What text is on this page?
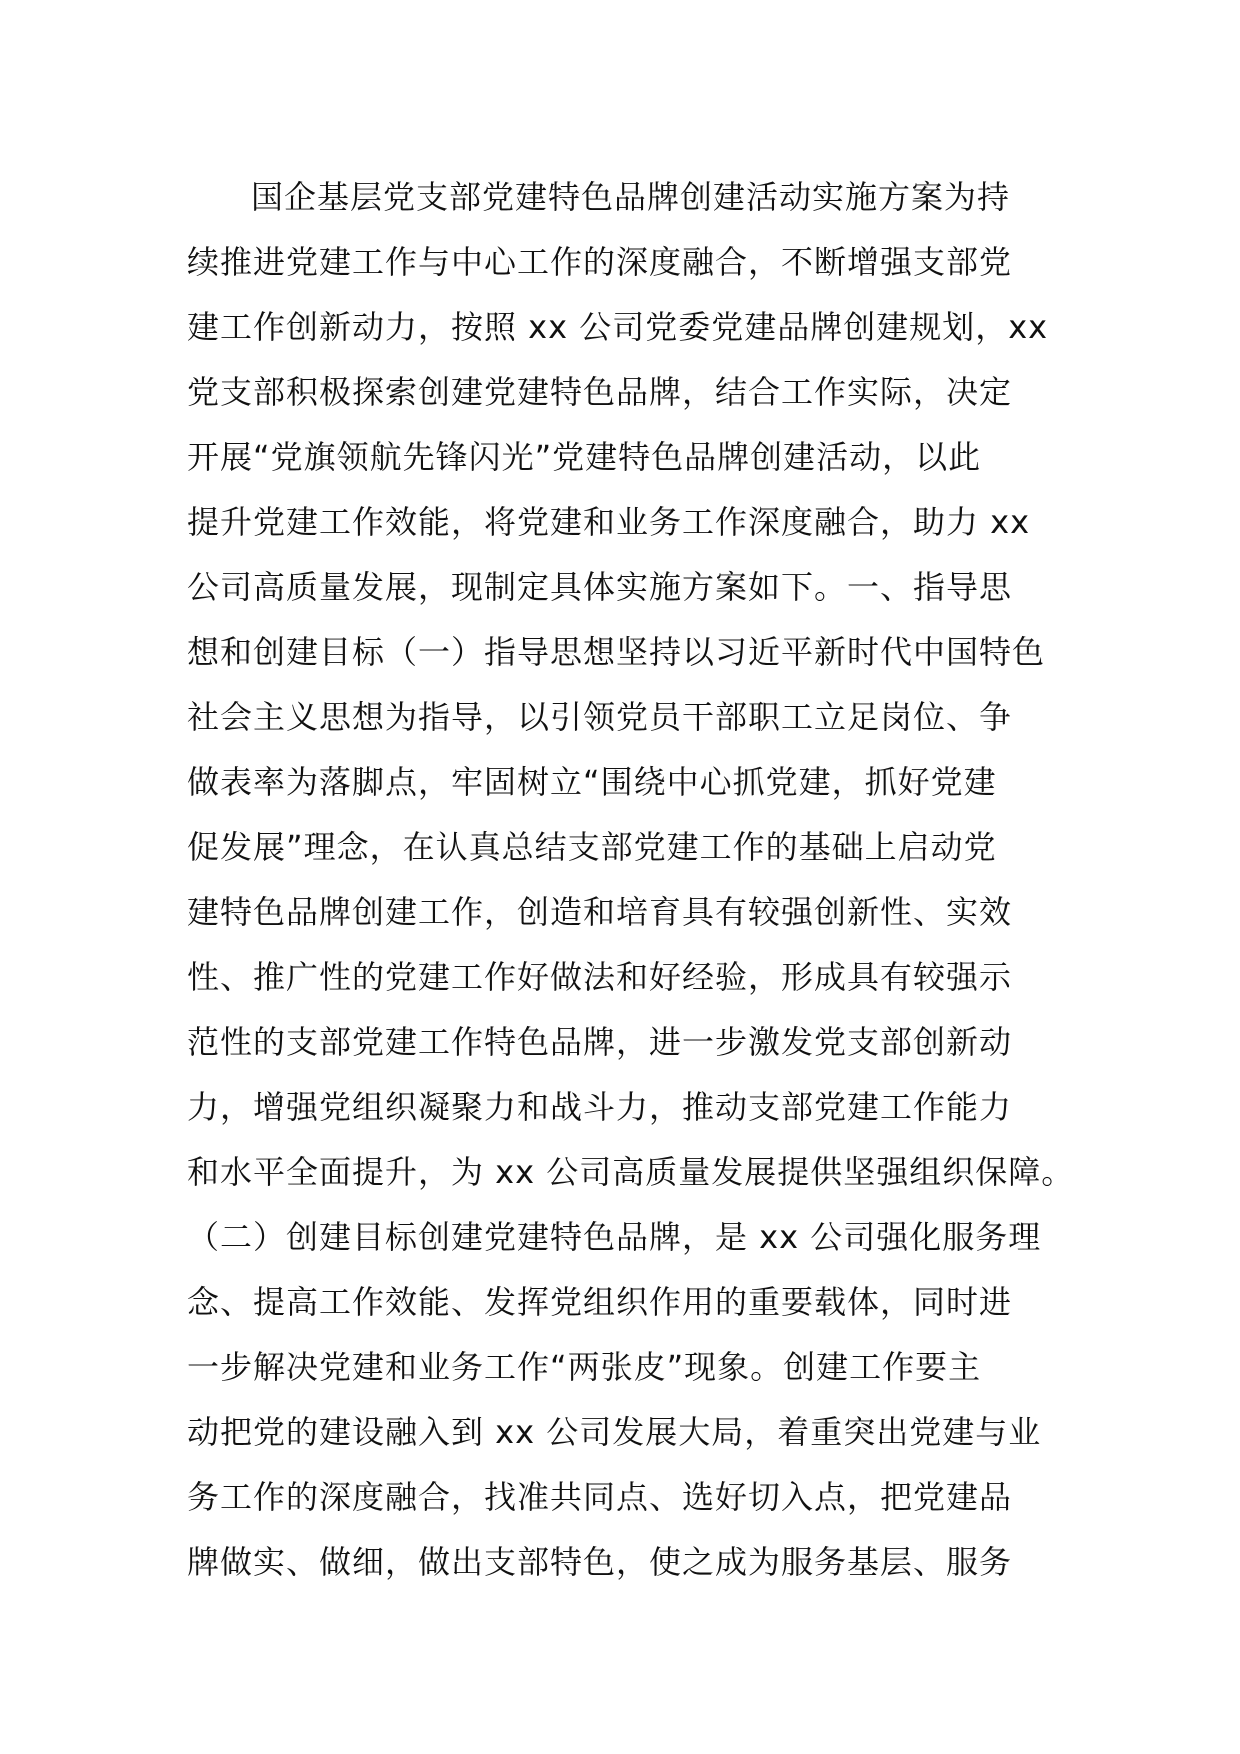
国企基层党支部党建特色品牌创建活动实施方案为持
续推进党建工作与中心工作的深度融合，不断增强支部党
建工作创新动力，按照 xx 公司党委党建品牌创建规划，xx
党支部积极探索创建党建特色品牌，结合工作实际，决定
开展“党旗领航先锋闪光”党建特色品牌创建活动，以此
提升党建工作效能，将党建和业务工作深度融合，助力 xx
公司高质量发展，现制定具体实施方案如下。一、指导思
想和创建目标（一）指导思想坚持以习近平新时代中国特色
社会主义思想为指导，以引领党员干部职工立足岗位、争
做表率为落脚点，牢固树立“围绕中心抓党建，抓好党建
促发展”理念，在认真总结支部党建工作的基础上启动党
建特色品牌创建工作，创造和培育具有较强创新性、实效
性、推广性的党建工作好做法和好经验，形成具有较强示
范性的支部党建工作特色品牌，进一步激发党支部创新动
力，增强党组织凝聚力和战斗力，推动支部党建工作能力
和水平全面提升，为 xx 公司高质量发展提供坚强组织保障。
（二）创建目标创建党建特色品牌，是 xx 公司强化服务理
念、提高工作效能、发挥党组织作用的重要载体，同时进
一步解决党建和业务工作“两张皮”现象。创建工作要主
动把党的建设融入到 xx 公司发展大局，着重突出党建与业
务工作的深度融合，找准共同点、选好切入点，把党建品
牌做实、做细，做出支部特色，使之成为服务基层、服务
